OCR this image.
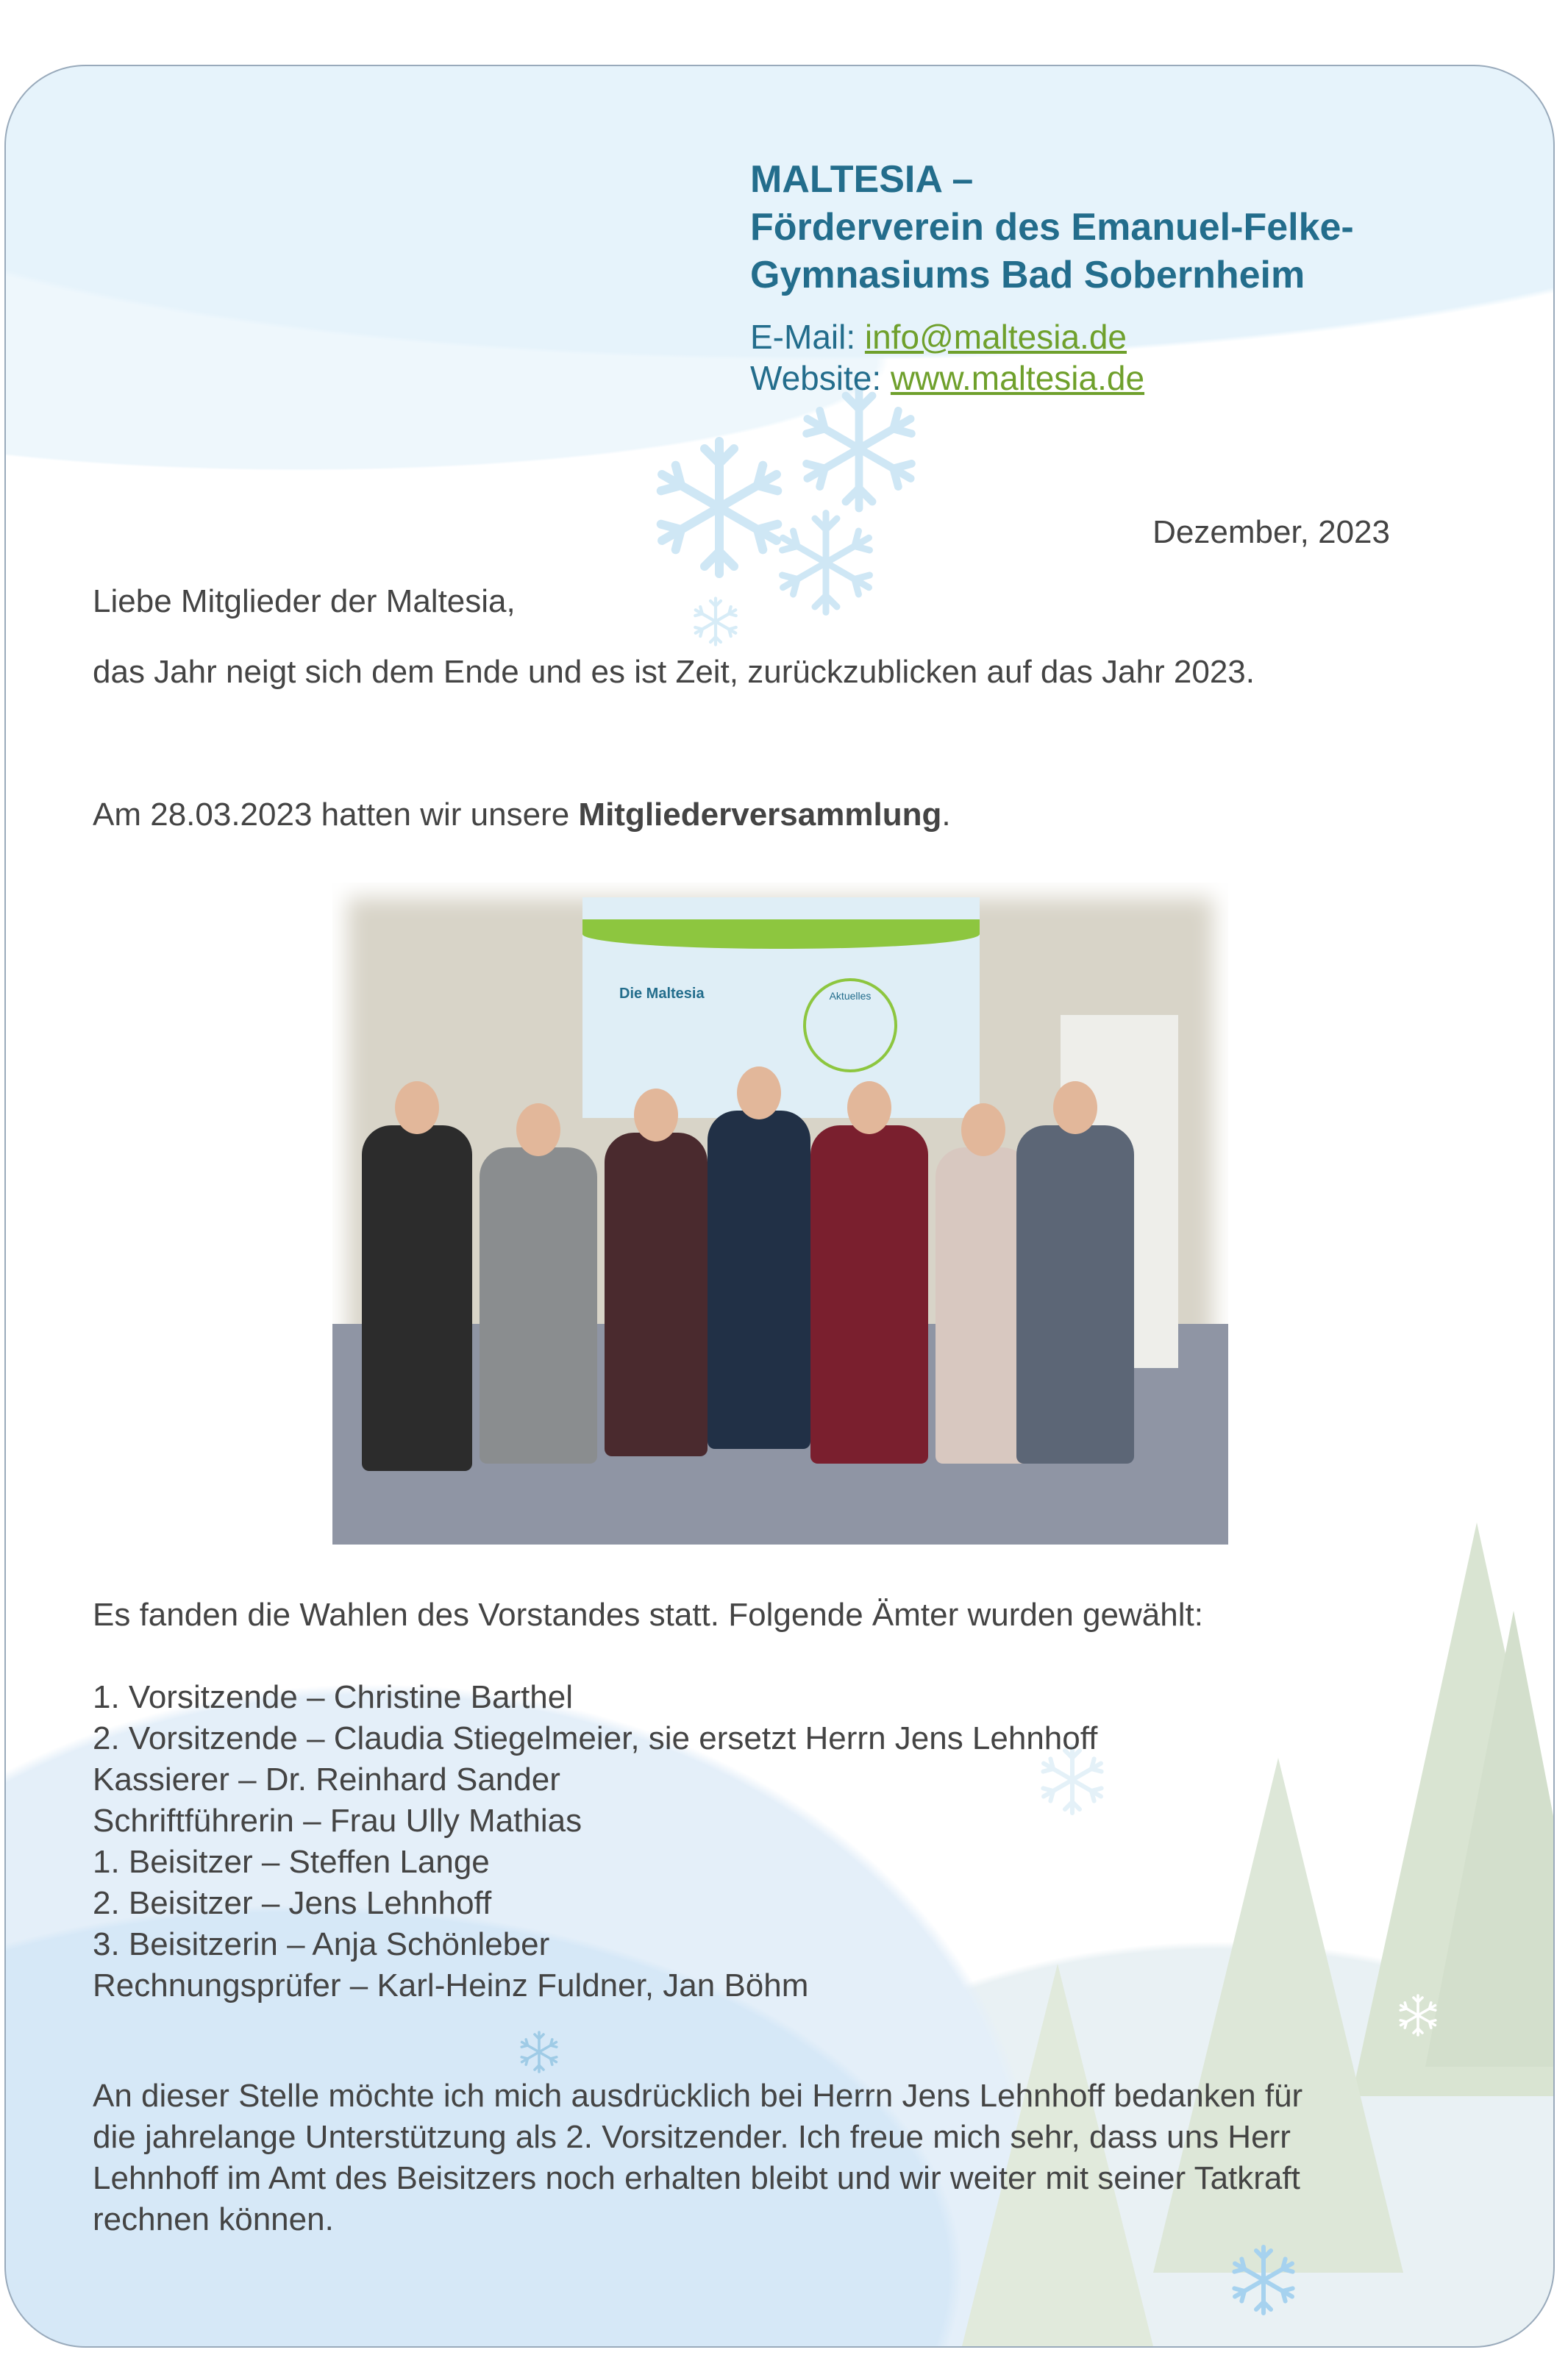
MALTESIA –
Förderverein des Emanuel-Felke-
Gymnasiums Bad Sobernheim
E-Mail: info@maltesia.de
Website: www.maltesia.de
Dezember, 2023
Liebe Mitglieder der Maltesia,
das Jahr neigt sich dem Ende und es ist Zeit, zurückzublicken auf das Jahr 2023.
Am 28.03.2023 hatten wir unsere Mitgliederversammlung.
Die Maltesia	Aktuelles
Es fanden die Wahlen des Vorstandes statt. Folgende Ämter wurden gewählt:
1. Vorsitzende – Christine Barthel
2. Vorsitzende – Claudia Stiegelmeier, sie ersetzt Herrn Jens Lehnhoff
Kassierer – Dr. Reinhard Sander
Schriftführerin – Frau Ully Mathias
1. Beisitzer – Steffen Lange
2. Beisitzer – Jens Lehnhoff
3. Beisitzerin – Anja Schönleber
Rechnungsprüfer – Karl-Heinz Fuldner, Jan Böhm
An dieser Stelle möchte ich mich ausdrücklich bei Herrn Jens Lehnhoff bedanken für
die jahrelange Unterstützung als 2. Vorsitzender. Ich freue mich sehr, dass uns Herr
Lehnhoff im Amt des Beisitzers noch erhalten bleibt und wir weiter mit seiner Tatkraft
rechnen können.
